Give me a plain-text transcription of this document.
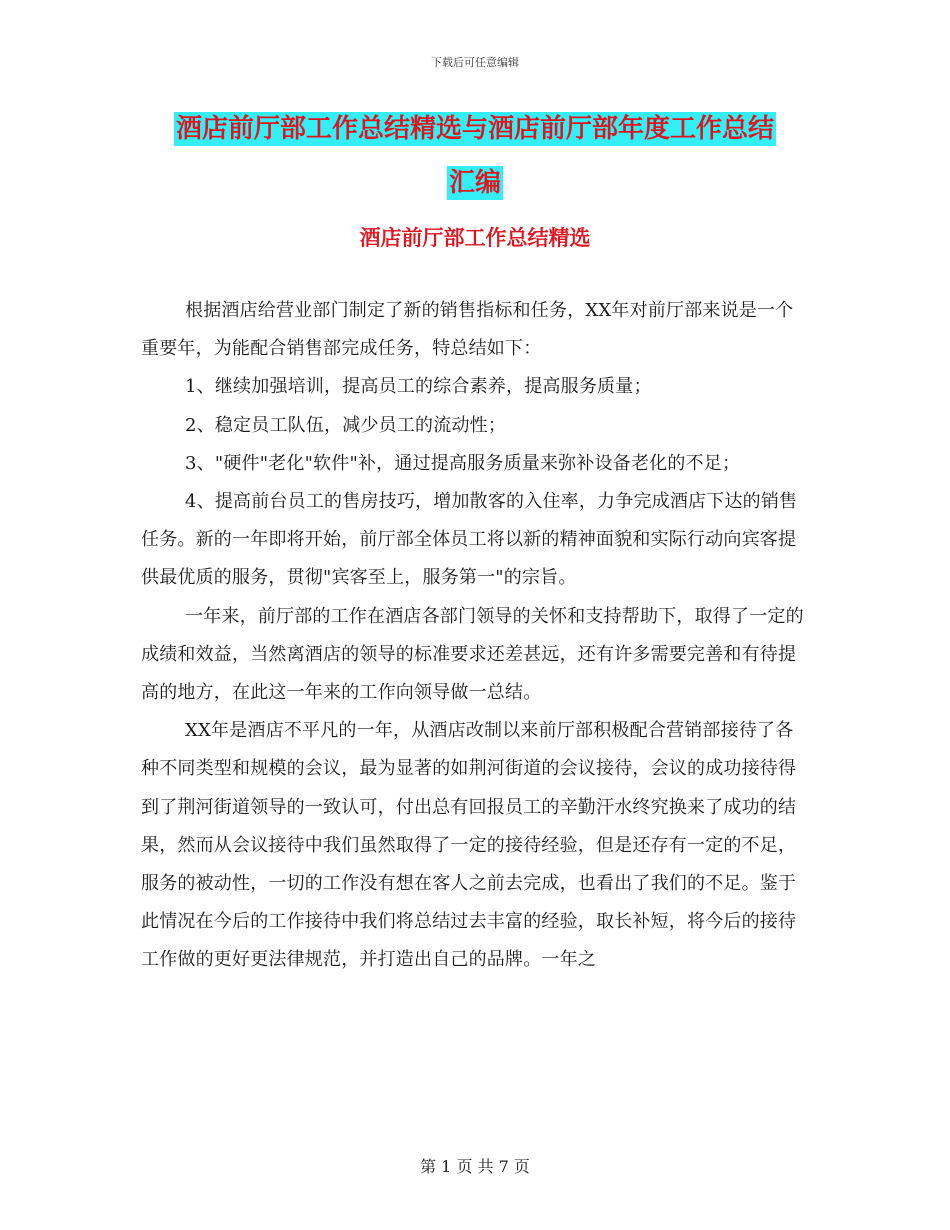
下载后可任意编辑
酒店前厅部工作总结精选与酒店前厅部年度工作总结
汇编
酒店前厅部工作总结精选

根据酒店给营业部门制定了新的销售指标和任务，XX年对前厅部来说是一个重要年，为能配合销售部完成任务，特总结如下：

1、继续加强培训，提高员工的综合素养，提高服务质量；

2、稳定员工队伍，减少员工的流动性；

3、"硬件"老化"软件"补，通过提高服务质量来弥补设备老化的不足；

4、提高前台员工的售房技巧，增加散客的入住率，力争完成酒店下达的销售任务。新的一年即将开始，前厅部全体员工将以新的精神面貌和实际行动向宾客提供最优质的服务，贯彻"宾客至上，服务第一"的宗旨。

一年来，前厅部的工作在酒店各部门领导的关怀和支持帮助下，取得了一定的成绩和效益，当然离酒店的领导的标准要求还差甚远，还有许多需要完善和有待提高的地方，在此这一年来的工作向领导做一总结。

XX年是酒店不平凡的一年，从酒店改制以来前厅部积极配合营销部接待了各种不同类型和规模的会议，最为显著的如荆河街道的会议接待，会议的成功接待得到了荆河街道领导的一致认可，付出总有回报员工的辛勤汗水终究换来了成功的结果，然而从会议接待中我们虽然取得了一定的接待经验，但是还存有一定的不足，服务的被动性，一切的工作没有想在客人之前去完成，也看出了我们的不足。鉴于此情况在今后的工作接待中我们将总结过去丰富的经验，取长补短，将今后的接待工作做的更好更法律规范，并打造出自己的品牌。一年之

第 1 页 共 7 页
